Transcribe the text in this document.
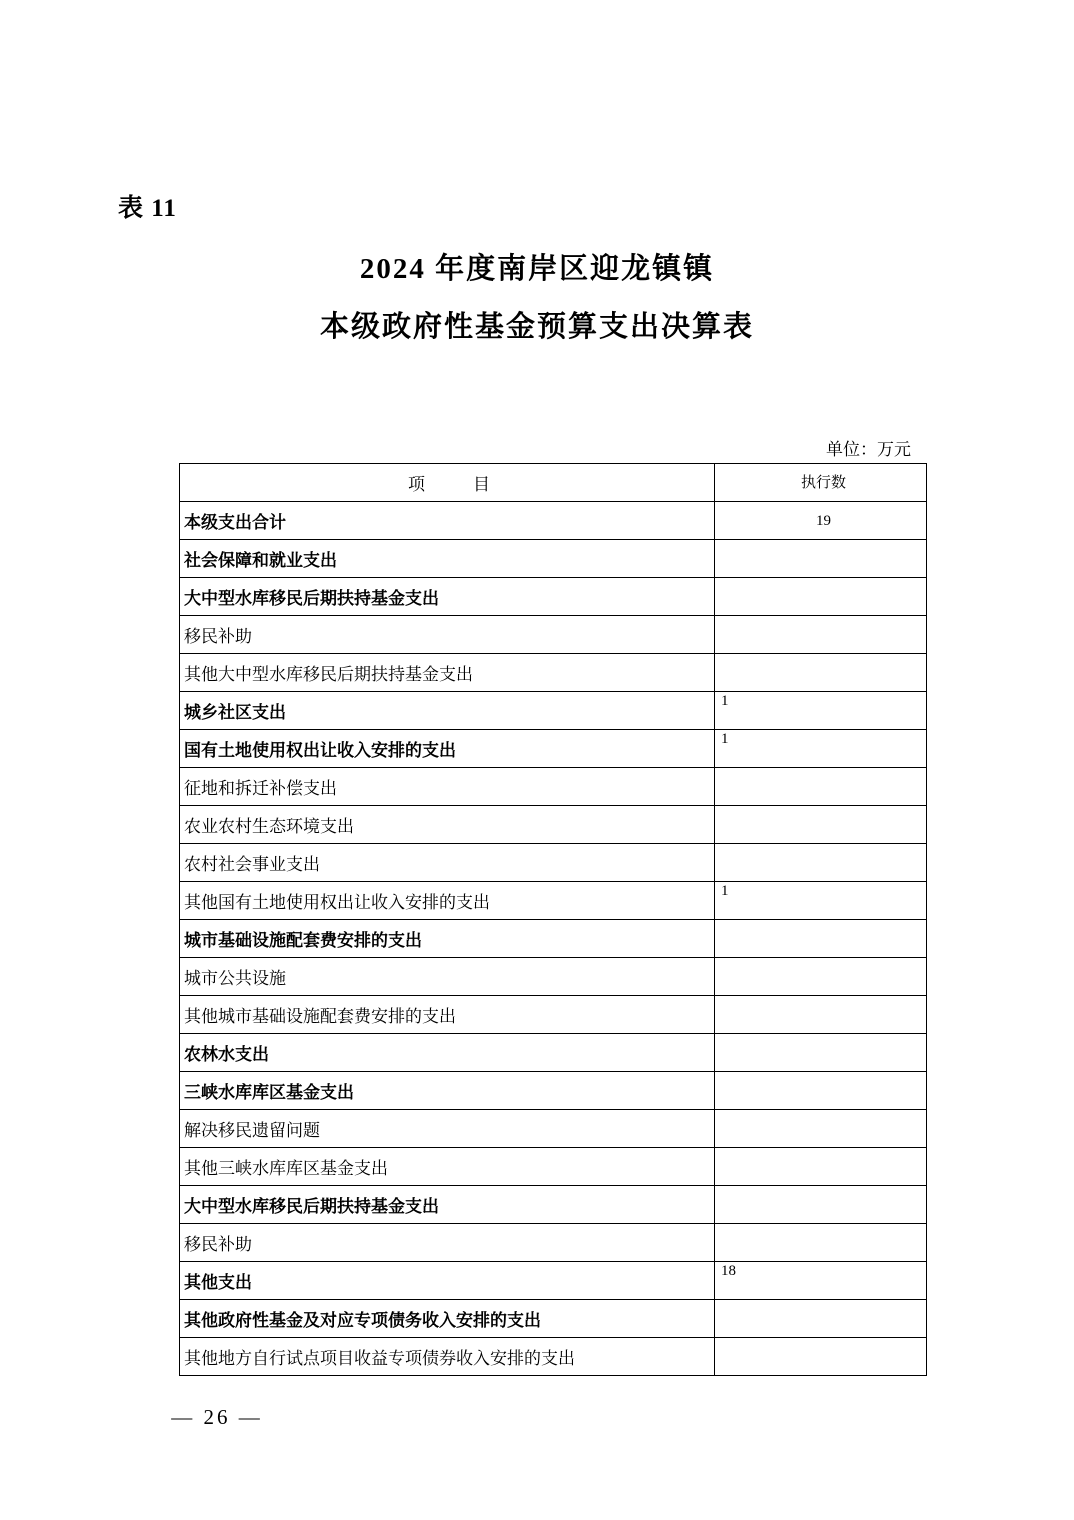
表 11
2024 年度南岸区迎龙镇镇
本级政府性基金预算支出决算表
单位：万元
项 目	执行数
本级支出合计	19
社会保障和就业支出	
大中型水库移民后期扶持基金支出	
移民补助	
其他大中型水库移民后期扶持基金支出	
城乡社区支出	1
国有土地使用权出让收入安排的支出	1
征地和拆迁补偿支出	
农业农村生态环境支出	
农村社会事业支出	
其他国有土地使用权出让收入安排的支出	1
城市基础设施配套费安排的支出	
城市公共设施	
其他城市基础设施配套费安排的支出	
农林水支出	
三峡水库库区基金支出	
解决移民遗留问题	
其他三峡水库库区基金支出	
大中型水库移民后期扶持基金支出	
移民补助	
其他支出	18
其他政府性基金及对应专项债务收入安排的支出	
其他地方自行试点项目收益专项债券收入安排的支出	
— 26 —
